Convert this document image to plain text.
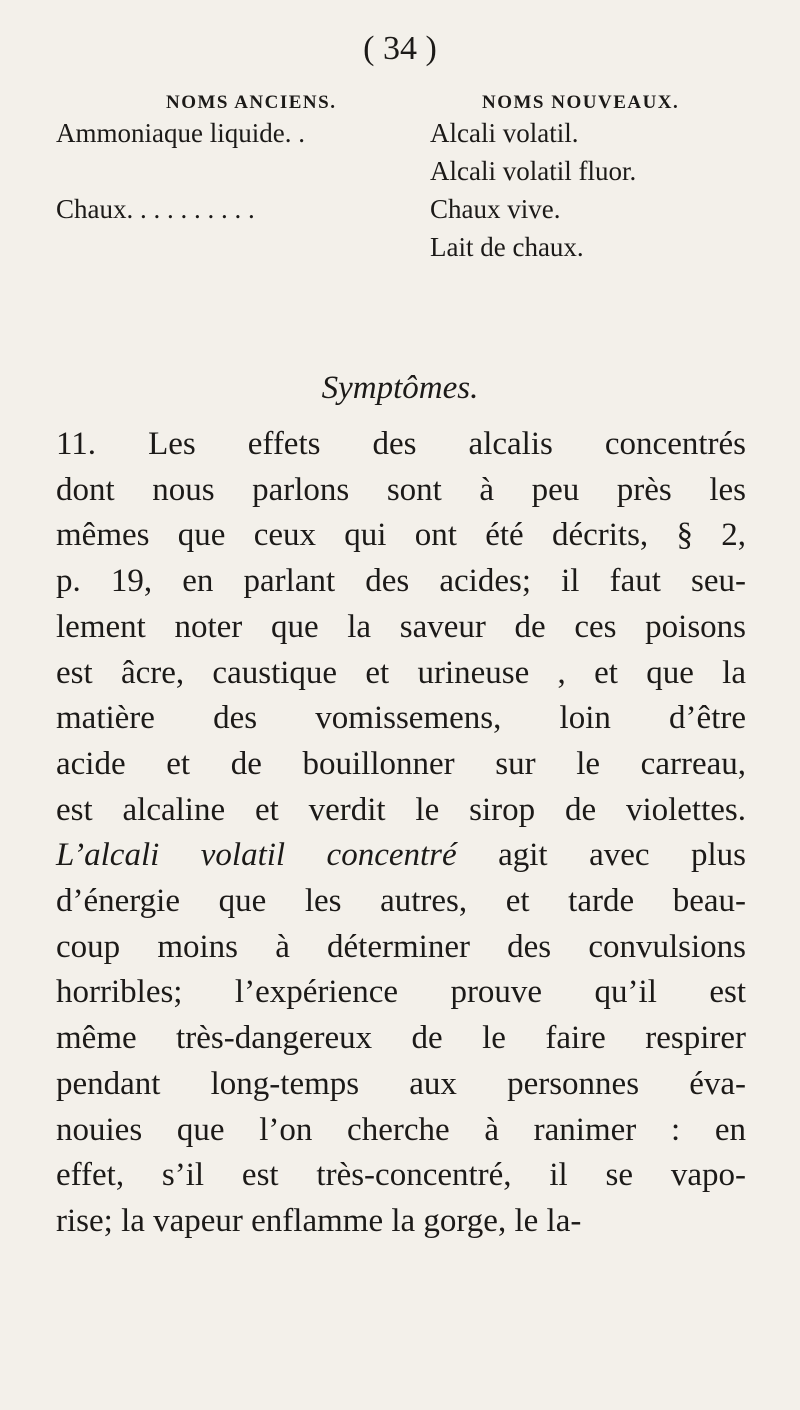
( 34 )
NOMS ANCIENS.	NOMS NOUVEAUX.
Ammoniaque liquide. .	Alcali volatil.
Alcali volatil fluor.
Chaux. . . . . . . . . .	Chaux vive.
Lait de chaux.
Symptômes.
11. Les effets des alcalis concentrés
dont nous parlons sont à peu près les
mêmes que ceux qui ont été décrits, § 2,
p. 19, en parlant des acides; il faut seu-
lement noter que la saveur de ces poisons
est âcre, caustique et urineuse , et que la
matière des vomissemens, loin d’être
acide et de bouillonner sur le carreau,
est alcaline et verdit le sirop de violettes.
L’alcali volatil concentré agit avec plus
d’énergie que les autres, et tarde beau-
coup moins à déterminer des convulsions
horribles; l’expérience prouve qu’il est
même très-dangereux de le faire respirer
pendant long-temps aux personnes éva-
nouies que l’on cherche à ranimer : en
effet, s’il est très-concentré, il se vapo-
rise; la vapeur enflamme la gorge, le la-
